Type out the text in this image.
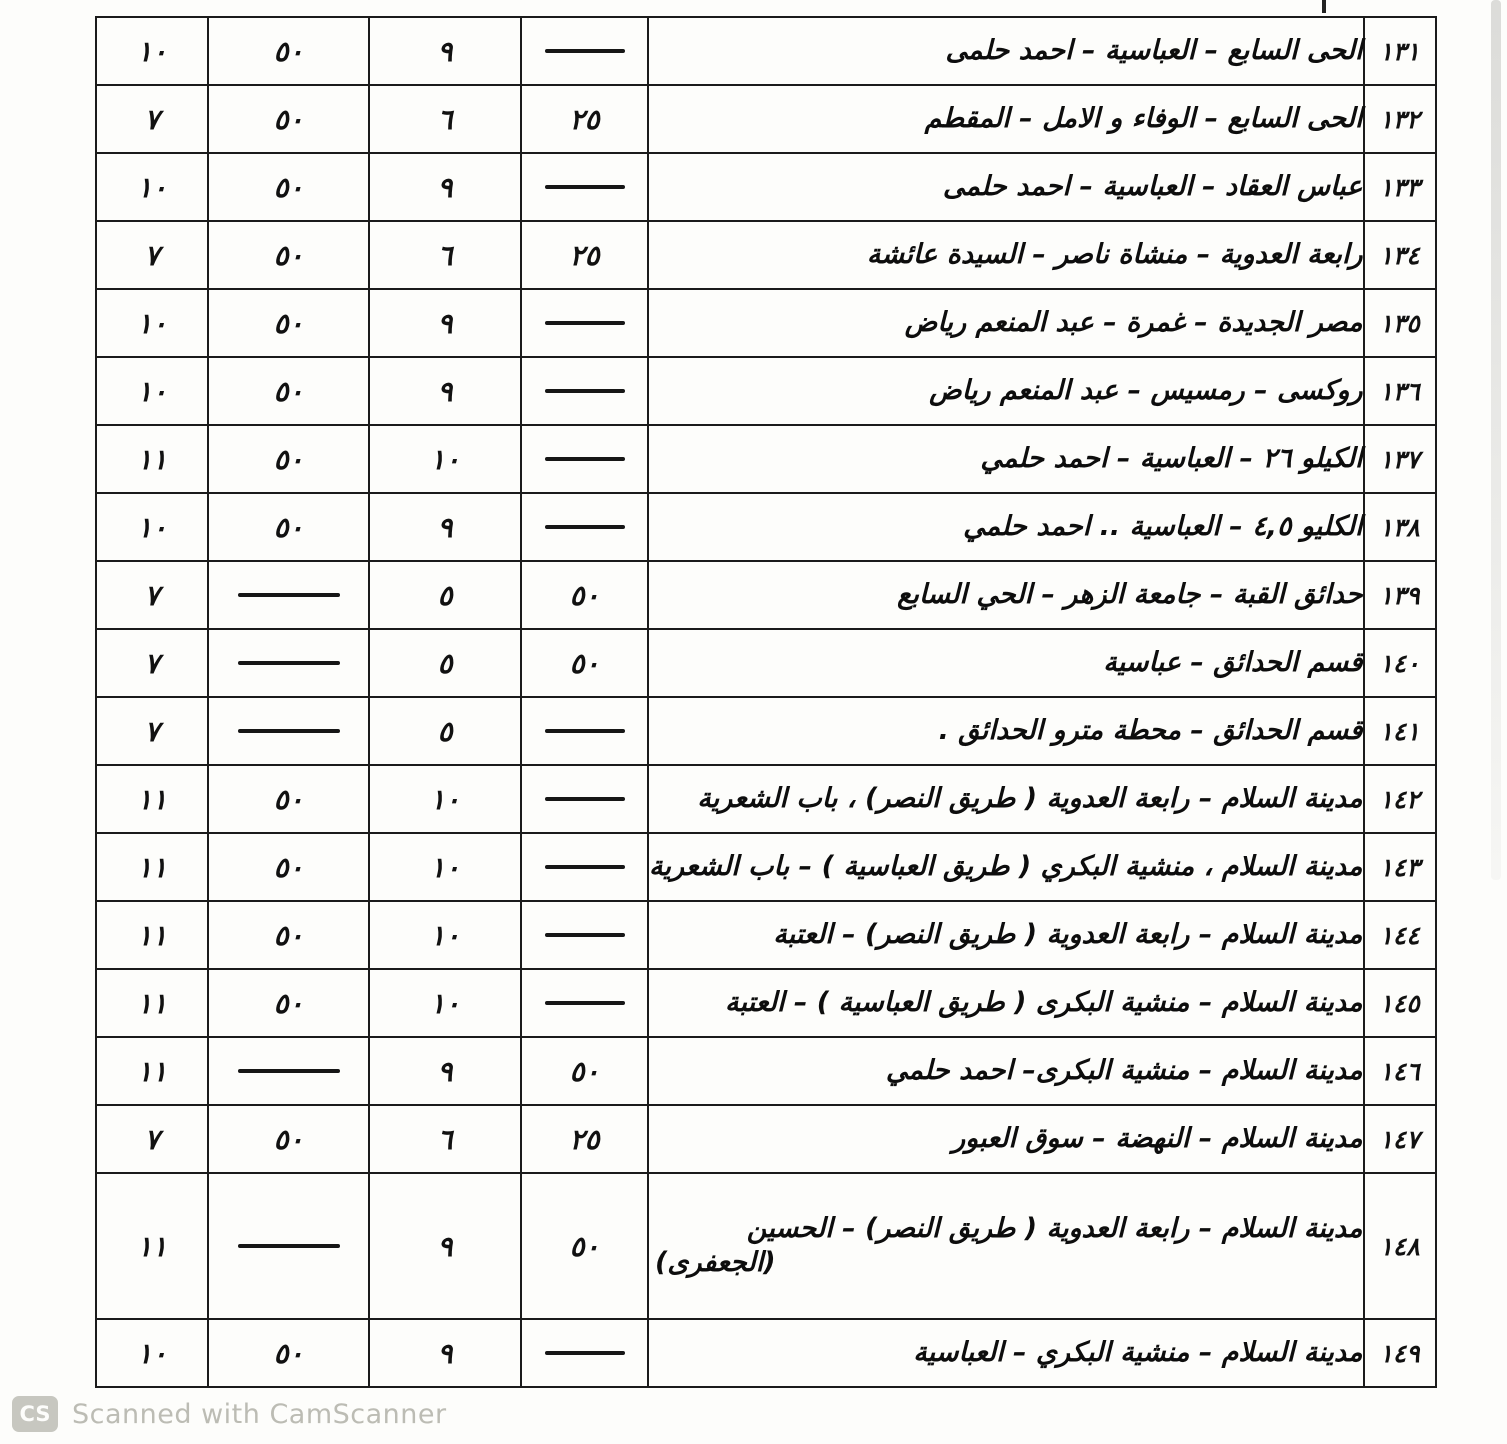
١٣١	الحى السابع – العباسية – احمد حلمى		٩	٥٠	١٠
١٣٢	الحى السابع – الوفاء و الامل – المقطم	٢٥	٦	٥٠	٧
١٣٣	عباس العقاد – العباسية – احمد حلمى		٩	٥٠	١٠
١٣٤	رابعة العدوية – منشاة ناصر – السيدة عائشة	٢٥	٦	٥٠	٧
١٣٥	مصر الجديدة – غمرة – عبد المنعم رياض		٩	٥٠	١٠
١٣٦	روكسى – رمسيس – عبد المنعم رياض		٩	٥٠	١٠
١٣٧	الكيلو ٢٦ – العباسية – احمد حلمي		١٠	٥٠	١١
١٣٨	الكليو ٤,٥ – العباسية .. احمد حلمي		٩	٥٠	١٠
١٣٩	حدائق القبة – جامعة الزهر – الحي السابع	٥٠	٥		٧
١٤٠	قسم الحدائق – عباسية	٥٠	٥		٧
١٤١	قسم الحدائق – محطة مترو الحدائق .		٥		٧
١٤٢	مدينة السلام – رابعة العدوية ( طريق النصر) ، باب الشعرية		١٠	٥٠	١١
١٤٣	مدينة السلام ، منشية البكري ( طريق العباسية ) – باب الشعرية		١٠	٥٠	١١
١٤٤	مدينة السلام – رابعة العدوية ( طريق النصر) – العتبة		١٠	٥٠	١١
١٤٥	مدينة السلام – منشية البكرى ( طريق العباسية ) – العتبة		١٠	٥٠	١١
١٤٦	مدينة السلام – منشية البكرى– احمد حلمي	٥٠	٩		١١
١٤٧	مدينة السلام – النهضة – سوق العبور	٢٥	٦	٥٠	٧
١٤٨	مدينة السلام – رابعة العدوية ( طريق النصر) – الحسين
(الجعفرى)	٥٠	٩		١١
١٤٩	مدينة السلام – منشية البكري – العباسية		٩	٥٠	١٠
CS Scanned with CamScanner
